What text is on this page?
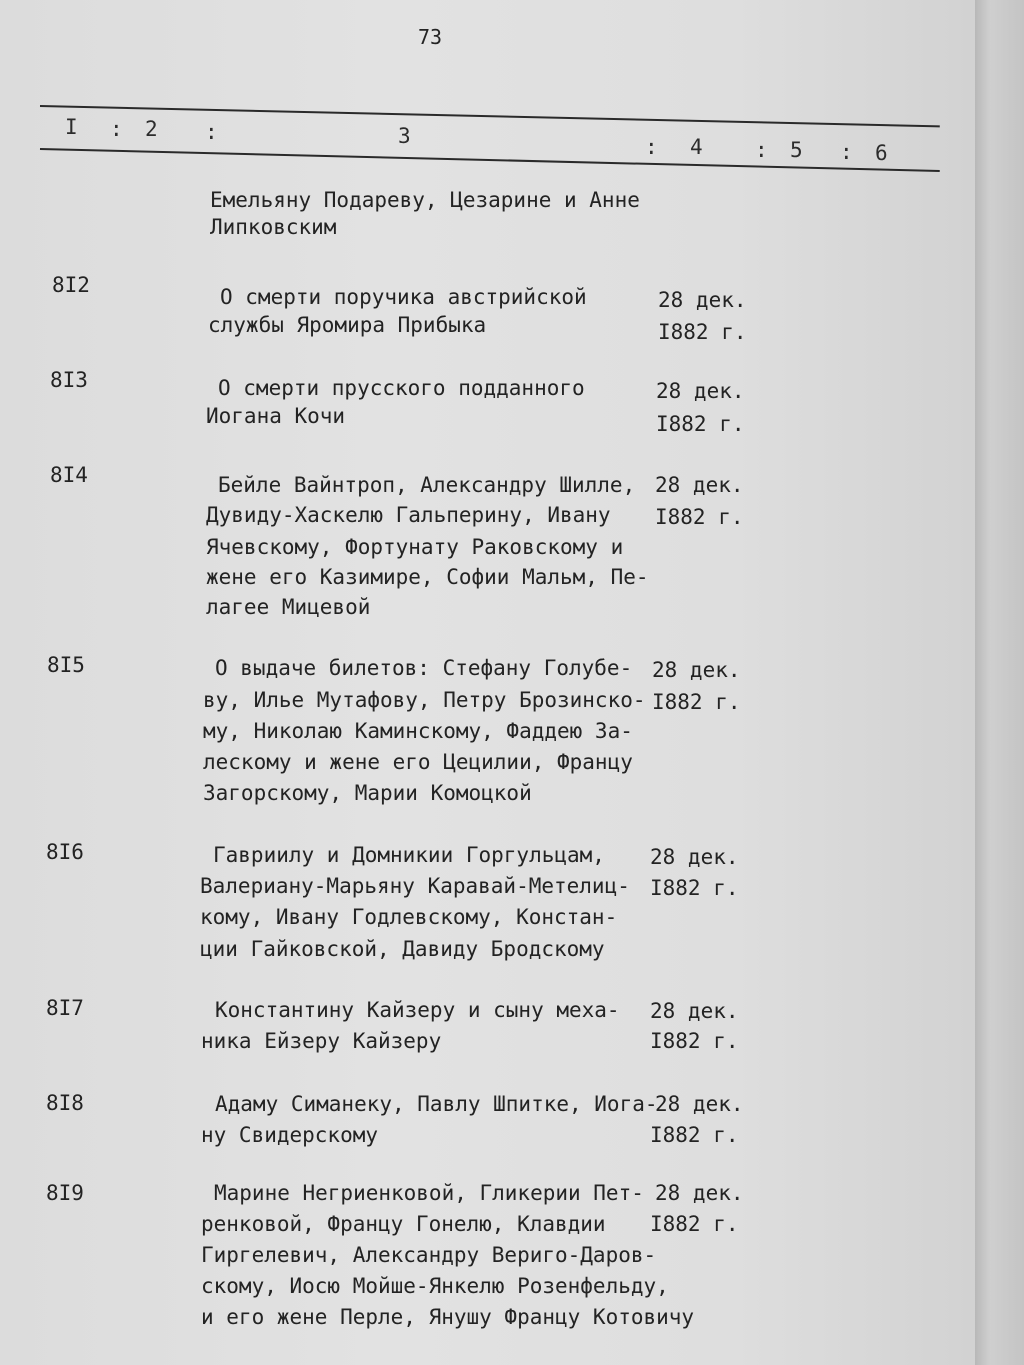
73
I : 2 :	3	: 4 : 5 : 6
Емельяну Подареву, Цезарине и Анне
Липковским
8I2	О смерти поручика австрийской
службы Яромира Прибыка
28 дек.
I882 г.
8I3	О смерти прусского подданного
Иогана Кочи
28 дек.
I882 г.
8I4	Бейле Вайнтроп, Александру Шилле,
Дувиду-Хаскелю Гальперину, Ивану
Ячевскому, Фортунату Раковскому и
жене его Казимире, Софии Мальм, Пе-
лагее Мицевой
28 дек.
I882 г.
8I5	О выдаче билетов: Стефану Голубе-
ву, Илье Мутафову, Петру Брозинско-
му, Николаю Каминскому, Фаддею За-
лескому и жене его Цецилии, Францу
Загорскому, Марии Комоцкой
28 дек.
I882 г.
8I6	Гавриилу и Домникии Горгульцам,
Валериану-Марьяну Каравай-Метелиц-
кому, Ивану Годлевскому, Констан-
ции Гайковской, Давиду Бродскому
28 дек.
I882 г.
8I7	Константину Кайзеру и сыну меха-
ника Ейзеру Кайзеру
28 дек.
I882 г.
8I8	Адаму Симанеку, Павлу Шпитке, Иога-
ну Свидерскому
28 дек.
I882 г.
8I9	Марине Негриенковой, Гликерии Пет-
ренковой, Францу Гонелю, Клавдии
Гиргелевич, Александру Вериго-Даров-
скому, Иосю Мойше-Янкелю Розенфельду,
и его жене Перле, Янушу Францу Котовичу
28 дек.
I882 г.
